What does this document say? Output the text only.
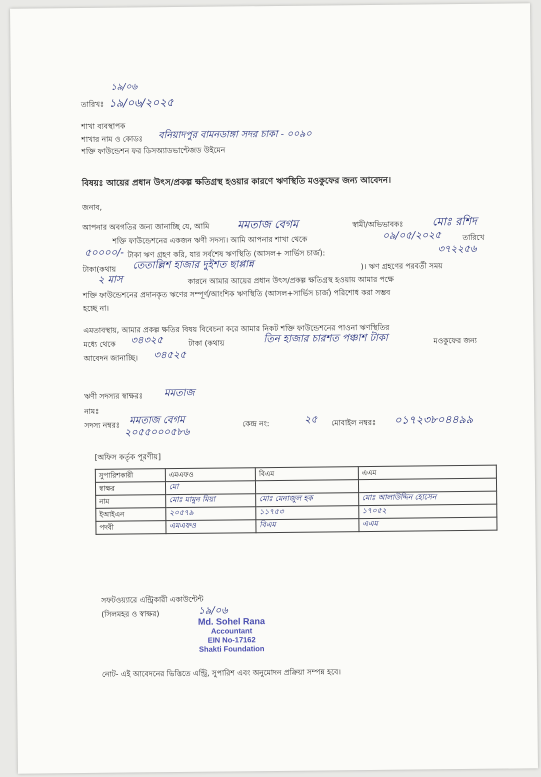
১৯/০৬
তারিখঃ ১৯/০৬/২০২৫
শাখা ব্যবস্থাপক
শাখার নাম ও কোডঃ বনিয়াদপুর বামনডাঙ্গা সদর চাকা - ০০৯০
শক্তি ফাউন্ডেশন ফর ডিসঅ্যাডভান্টেজড উইমেন
বিষয়ঃ আয়ের প্রধান উৎস/প্রকল্প ক্ষতিগ্রস্থ হওয়ার কারণে ঋণস্থিতি মওকুফের জন্য আবেদন।
জনাব,
আপনার অবগতির জন্য জানাচ্ছি যে, আমি	মমতাজ বেগম	স্বামী/অভিভাবকঃ	মোঃ রশিদ
শক্তি ফাউন্ডেশনের একজন ঋণী সদস্য। আমি আপনার শাখা থেকে	০৯/০৫/২০২৫	তারিখে
৫০০০০/- টাকা ঋণ গ্রহণ করি, যার সর্বশেষ ঋণস্থিতি (আসল+ সার্ভিস চার্জ):	৩৭২২৫৬
টাকা(কথায় তেতাল্লিশ হাজার দুইশত ছাপ্পান্ন	)। ঋণ গ্রহণের পরবর্তী সময়
২ মাস	কারনে আমার আয়ের প্রধান উৎস/প্রকল্প ক্ষতিগ্রস্থ হওয়ায় আমার পক্ষে
শক্তি ফাউন্ডেশনের প্রদানকৃত ঋণের সম্পূর্ণ/আংশিক ঋণস্থিতি (আসল+সার্ভিস চার্জ) পরিশোধ করা সম্ভব
হচ্ছে না।
এমতাবস্থায়, আমার প্রকল্প ক্ষতির বিষয় বিবেচনা করে আমার নিকট শক্তি ফাউন্ডেশনের পাওনা ঋণস্থিতির
মধ্যে থেকে ৩৪৩২৫	টাকা (কথায়	তিন হাজার চারশত পঞ্চাশ টাকা	মওকুফের জন্য
আবেদন জানাচ্ছি। ৩৪৫২৫
ঋণী সদস্যর স্বাক্ষরঃ মমতাজ
নামঃ
সদস্য নম্বরঃ মমতাজ বেগম
২০৫৫০০০৫৮৬
কেন্দ্র নং:	২৫ মোবাইল নম্বরঃ ০১৭২৩৮০৪৪৯৯
[অফিস কর্তৃক পূরণীয়]
সুপারিশকারী	এমএফও	বিএম	এএম
স্বাক্ষর	মো		
নাম	মোঃ মামুন মিয়া	মোঃ মেনাজুল হক	মোঃ আলাউদ্দিন হোসেন
ইআইএন	২০৫৭৯	১১৭৫৩	১৭০৫২
পদবী	এমএফও	বিএম	এএম
সফটওয়্যারে এন্ট্রিকারী একাউন্টেন্ট
(সিলমহর ও স্বাক্ষর)	১৯/০৬
Md. Sohel Rana
Accountant
EIN No-17162
Shakti Foundation
নোট- এই আবেদনের ভিত্তিতে এন্ট্রি, সুপারিশ এবং অনুমোদন প্রক্রিয়া সম্পন্ন হবে।
